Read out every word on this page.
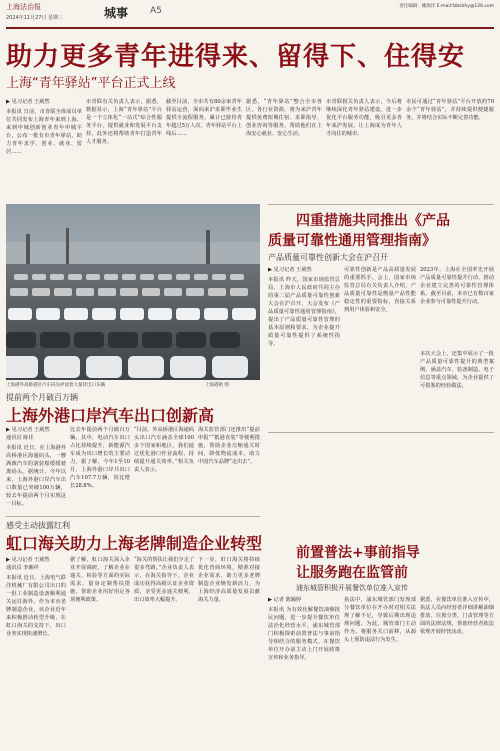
上海法治报
2024年11月27日 星期三	城事 A5	责任编辑：姚海洋 E-mail:fzbshhy@126.com
助力更多青年进得来、留得下、住得安
上海“青年驿站”平台正式上线
▶ 见习记者 王葳然
本报讯 日前，市青联全体成员单位共同发布上海青年来到上海、来到申城创新创业青年申城平台，公布一批有市青年驿站，助力青年求学、创业、就业、留居……
市青联有关负责人表示，据悉，数据显示，上海“青年驿站”平台是一个立体化“一站式”综合性服务平台，提供就业和发展平台支持，此外还将帮助青年打造青年人才服务。
截至目前，全市共有80余家青年驿站运营，面向来沪求职毕业生提供全流程服务，累计已接待青年超过5万人次，青年驿站平台上线后……
据悉，“青年驿站”整合全市各区、各行业资源，将为来沪青年提供免费短期住宿、求职指导、创业咨询等服务，帮助他们在上海安心就业、安心生活。
市青联相关负责人表示，今后将继续深化青年驿站建设，进一步优化平台服务功能，吸引更多青年来沪发展，让上海成为青年人才向往的城市。
市民可通过“青年驿站”平台开放约70余个“青年驿站”，并持续提供便捷服务，并将结合实际不断完善功能。
上海港外高桥港区汽车码头停放着大量待出口车辆	上海港供 图
四重措施共同推出《产品
质量可靠性通用管理指南》
产品质量可靠性创新大会在沪召开
▶ 见习记者 王葳然
本报讯 昨天，国家市场监管总局、上海市人民政府共同主办的第二届产品质量可靠性创新大会在沪召开。大会发布《产品质量可靠性通用管理指南》，提出了产品质量可靠性管理的基本原则和要求，为企业提升质量可靠性提供了系统性指导。
可靠性创新是产品高质量发展的重要抓手。会上，国家市场监管总局有关负责人介绍，产品质量可靠性是衡量产品性能稳定性的重要指标，直接关系到用户体验和安全。
2023年，上海在全国率先开展产品质量可靠性提升行动，推动企业建立完善的可靠性管理体系。截至目前，本市已有数百家企业参与可靠性提升行动。
本次大会上，还集中展示了一批产品质量可靠性提升的典型案例，涵盖汽车、装备制造、电子信息等重点领域，为企业提供了可借鉴的经验做法。
提前两个月破百万辆
上海外港口岸汽车出口创新高
▶ 见习记者 王葳然
通讯员 陈佳
本报讯 近日，在上海港外高桥港区海通码头，一艘满载汽车的滚装船缓缓驶离码头。据统计，今年以来，上海外港口岸汽车出口数量已突破100万辆，较去年提前两个月实现这一目标。
比去年提前两个月破百万辆。其中，电动汽车出口占比持续提升，新能源汽车成为出口增长的主要动力。据了解，今年1至10月，上海外港口岸共出口汽车107.7万辆，同比增长28.8%。
“目前，外高桥港区海通码头出口汽车涵盖全球100多个国家和地区，我们通过优化港口作业流程，持续提升通关效率。”相关负责人表示。
海关监管部门还推出“提前申报”“抵港直装”等便利措施，帮助企业压缩通关时间，降低物流成本，助力中国汽车品牌“走出去”。
感受主动拔露红利
虹口海关助力上海老牌制造企业转型
▶ 见习记者 王葳然
通讯员 李湘祥
本报讯 近日，上海电气联洋机械厂有限公司出口的一批工业制造设备顺利通关运往海外。作为本市老牌制造企业，该企业近年来积极推动转型升级，在虹口海关的支持下，出口业务实现快速增长。
据了解，虹口海关深入企业开展调研，了解企业在通关、检验等方面的实际需求，量身定制帮扶措施，帮助企业用好用足各项便利政策。
“海关的帮扶让我们少走了很多弯路。”企业负责人表示，在海关指导下，企业成功获得高级认证企业资质，享受更多通关便利，出口效率大幅提升。
下一步，虹口海关将持续优化营商环境，精准对接企业需求，助力更多老牌制造企业焕发新活力，为上海经济高质量发展贡献海关力量。
前置普法+事前指导
让服务跑在监管前
浦东城管积极开展餐饮单位准入宣传
▶ 记者 陈颖婷
本报讯 为有效化解餐饮油烟扰民问题，进一步提升餐饮单位法治化经营水平，浦东城管部门积极探索前置普法与事前指导相结合的服务模式，在餐饮单位开办前主动上门开展政策宣传和业务指导。
执法中，浦东城管部门发现部分餐饮单位在开办时对相关法规了解不足，导致后期出现违规问题。为此，城管部门主动作为，将服务关口前移，从源头上预防违法行为发生。
据悉，在餐饮单位准入宣传中，执法人员向经营者详细讲解油烟排放、垃圾分类、门责管理等方面的法律法规，帮助经营者依法依规开展经营活动。
